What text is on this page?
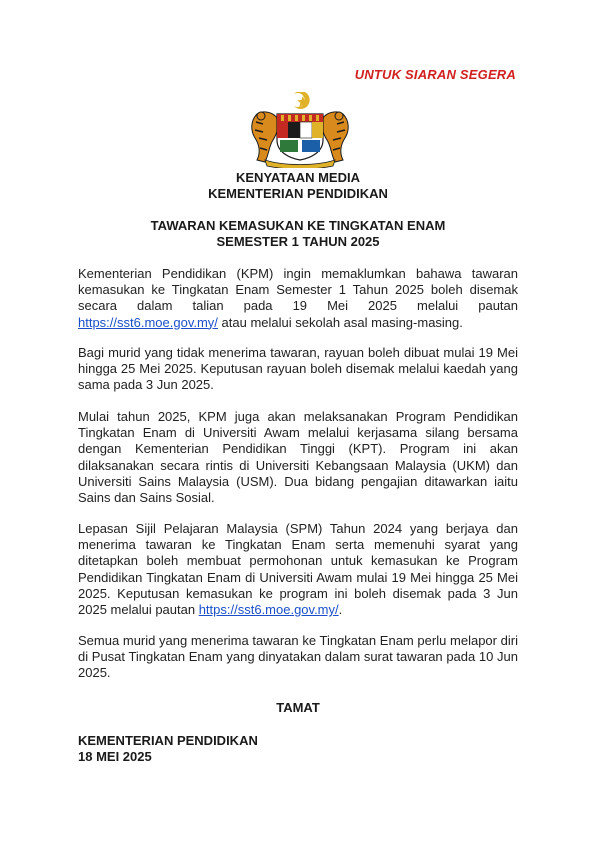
UNTUK SIARAN SEGERA
KENYATAAN MEDIA
KEMENTERIAN PENDIDIKAN
TAWARAN KEMASUKAN KE TINGKATAN ENAM
SEMESTER 1 TAHUN 2025
Kementerian Pendidikan (KPM) ingin memaklumkan bahawa tawaran kemasukan ke Tingkatan Enam Semester 1 Tahun 2025 boleh disemak secara dalam talian pada 19 Mei 2025 melalui pautan https://sst6.moe.gov.my/ atau melalui sekolah asal masing-masing.
Bagi murid yang tidak menerima tawaran, rayuan boleh dibuat mulai 19 Mei hingga 25 Mei 2025. Keputusan rayuan boleh disemak melalui kaedah yang sama pada 3 Jun 2025.
Mulai tahun 2025, KPM juga akan melaksanakan Program Pendidikan Tingkatan Enam di Universiti Awam melalui kerjasama silang bersama dengan Kementerian Pendidikan Tinggi (KPT). Program ini akan dilaksanakan secara rintis di Universiti Kebangsaan Malaysia (UKM) dan Universiti Sains Malaysia (USM). Dua bidang pengajian ditawarkan iaitu Sains dan Sains Sosial.
Lepasan Sijil Pelajaran Malaysia (SPM) Tahun 2024 yang berjaya dan menerima tawaran ke Tingkatan Enam serta memenuhi syarat yang ditetapkan boleh membuat permohonan untuk kemasukan ke Program Pendidikan Tingkatan Enam di Universiti Awam mulai 19 Mei hingga 25 Mei 2025. Keputusan kemasukan ke program ini boleh disemak pada 3 Jun 2025 melalui pautan https://sst6.moe.gov.my/.
Semua murid yang menerima tawaran ke Tingkatan Enam perlu melapor diri di Pusat Tingkatan Enam yang dinyatakan dalam surat tawaran pada 10 Jun 2025.
TAMAT
KEMENTERIAN PENDIDIKAN
18 MEI 2025
